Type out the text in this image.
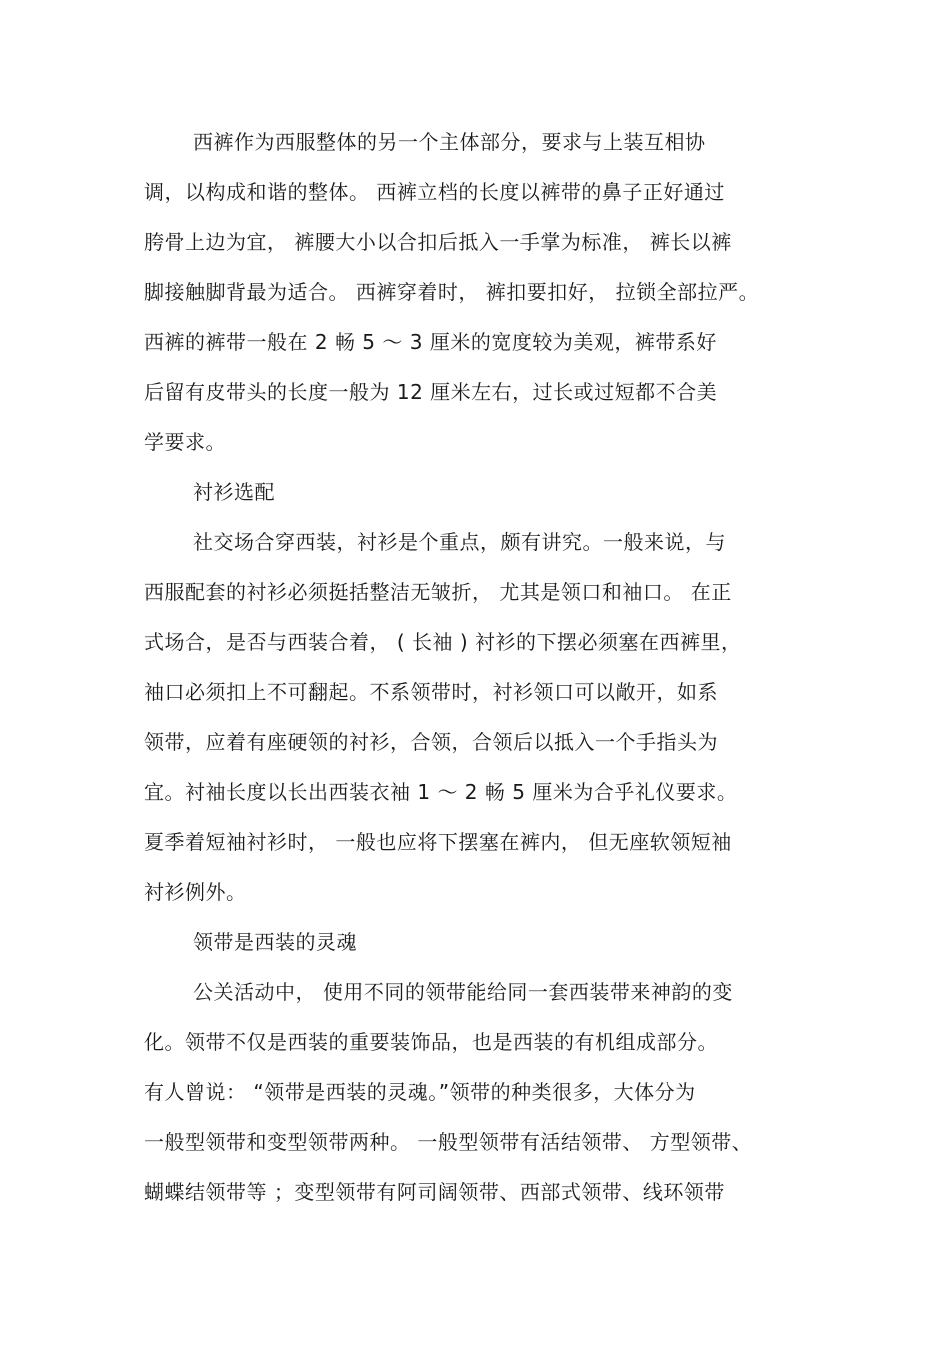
西裤作为西服整体的另一个主体部分，要求与上装互相协
调，以构成和谐的整体。 西裤立档的长度以裤带的鼻子正好通过
胯骨上边为宜， 裤腰大小以合扣后抵入一手掌为标准， 裤长以裤
脚接触脚背最为适合。 西裤穿着时， 裤扣要扣好， 拉锁全部拉严。
西裤的裤带一般在 2 畅 5 ～ 3 厘米的宽度较为美观，裤带系好
后留有皮带头的长度一般为 12 厘米左右，过长或过短都不合美
学要求。
衬衫选配
社交场合穿西装，衬衫是个重点，颇有讲究。一般来说，与
西服配套的衬衫必须挺括整洁无皱折， 尤其是领口和袖口。 在正
式场合，是否与西装合着， ( 长袖 ) 衬衫的下摆必须塞在西裤里，
袖口必须扣上不可翻起。不系领带时，衬衫领口可以敞开，如系
领带，应着有座硬领的衬衫，合领，合领后以抵入一个手指头为
宜。衬袖长度以长出西装衣袖 1 ～ 2 畅 5 厘米为合乎礼仪要求。
夏季着短袖衬衫时， 一般也应将下摆塞在裤内， 但无座软领短袖
衬衫例外。
领带是西装的灵魂
公关活动中， 使用不同的领带能给同一套西装带来神韵的变
化。领带不仅是西装的重要装饰品，也是西装的有机组成部分。
有人曾说： “领带是西装的灵魂。”领带的种类很多，大体分为
一般型领带和变型领带两种。 一般型领带有活结领带、 方型领带、
蝴蝶结领带等 ；变型领带有阿司阔领带、西部式领带、线环领带
